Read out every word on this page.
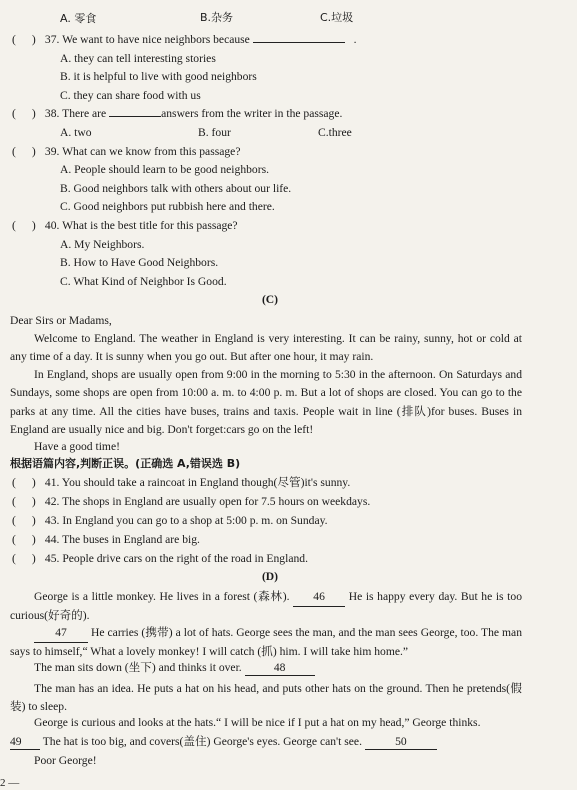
A. 零食	B.杂务	C.垃圾
( ) 37. We want to have nice neighbors because	.
A. they can tell interesting stories
B. it is helpful to live with good neighbors
C. they can share food with us
( ) 38. There are	answers from the writer in the passage.
A. two	B. four	C.three
( ) 39. What can we know from this passage?
A. People should learn to be good neighbors.
B. Good neighbors talk with others about our life.
C. Good neighbors put rubbish here and there.
( ) 40. What is the best title for this passage?
A. My Neighbors.
B. How to Have Good Neighbors.
C. What Kind of Neighbor Is Good.
(C)
Dear Sirs or Madams,
Welcome to England. The weather in England is very interesting. It can be rainy, sunny, hot or cold at any time of a day. It is sunny when you go out. But after one hour, it may rain.
In England, shops are usually open from 9:00 in the morning to 5:30 in the afternoon. On Saturdays and Sundays, some shops are open from 10:00 a. m. to 4:00 p. m. But a lot of shops are closed. You can go to the parks at any time. All the cities have buses, trains and taxis. People wait in line (排队)for buses. Buses in England are usually nice and big. Don't forget:cars go on the left!
Have a good time!
根据语篇内容,判断正误。(正确选 A,错误选 B)
( ) 41. You should take a raincoat in England though(尽管)it's sunny.
( ) 42. The shops in England are usually open for 7.5 hours on weekdays.
( ) 43. In England you can go to a shop at 5:00 p. m. on Sunday.
( ) 44. The buses in England are big.
( ) 45. People drive cars on the right of the road in England.
(D)
George is a little monkey. He lives in a forest (森林). 46 He is happy every day. But he is too curious(好奇的).
47 He carries (携带) a lot of hats. George sees the man, and the man sees George, too. The man says to himself,“ What a lovely monkey! I will catch (抓) him. I will take him home.”
The man sits down (坐下) and thinks it over.	48
The man has an idea. He puts a hat on his head, and puts other hats on the ground. Then he pretends(假装) to sleep.
George is curious and looks at the hats.“ I will be nice if I put a hat on my head,” George thinks.
49 The hat is too big, and covers(盖住) George's eyes. George can't see.	50
Poor George!
2 —
